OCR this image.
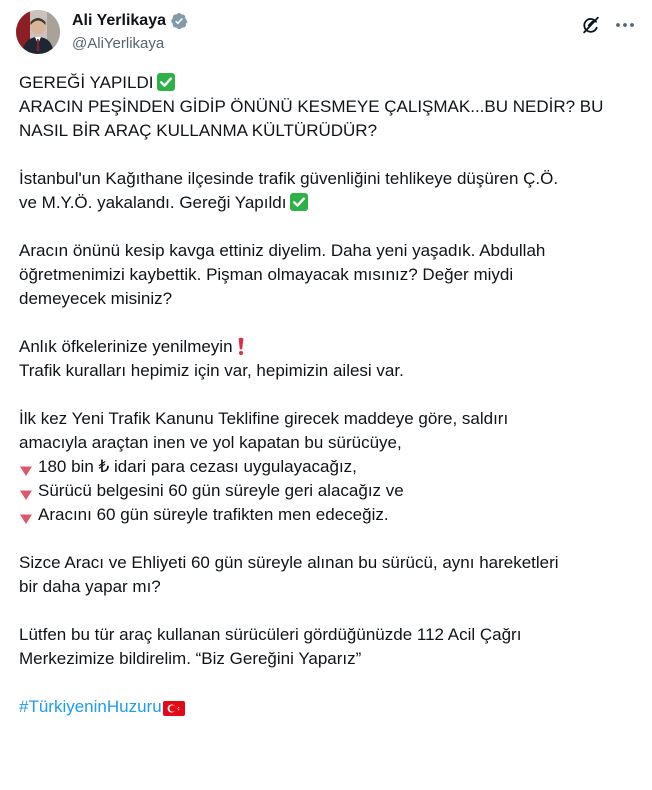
Ali Yerlikaya
@AliYerlikaya
GEREĞİ YAPILDI
ARACIN PEŞİNDEN GİDİP ÖNÜNÜ KESMEYE ÇALIŞMAK...BU NEDİR? BU
NASIL BİR ARAÇ KULLANMA KÜLTÜRÜDÜR?
İstanbul'un Kağıthane ilçesinde trafik güvenliğini tehlikeye düşüren Ç.Ö.
ve M.Y.Ö. yakalandı. Gereği Yapıldı
Aracın önünü kesip kavga ettiniz diyelim. Daha yeni yaşadık. Abdullah
öğretmenimizi kaybettik. Pişman olmayacak mısınız? Değer miydi
demeyecek misiniz?
Anlık öfkelerinize yenilmeyin
Trafik kuralları hepimiz için var, hepimizin ailesi var.
İlk kez Yeni Trafik Kanunu Teklifine girecek maddeye göre, saldırı
amacıyla araçtan inen ve yol kapatan bu sürücüye,
180 bin ₺ idari para cezası uygulayacağız,
Sürücü belgesini 60 gün süreyle geri alacağız ve
Aracını 60 gün süreyle trafikten men edeceğiz.
Sizce Aracı ve Ehliyeti 60 gün süreyle alınan bu sürücü, aynı hareketleri
bir daha yapar mı?
Lütfen bu tür araç kullanan sürücüleri gördüğünüzde 112 Acil Çağrı
Merkezimize bildirelim. “Biz Gereğini Yaparız”
#TürkiyeninHuzuru
